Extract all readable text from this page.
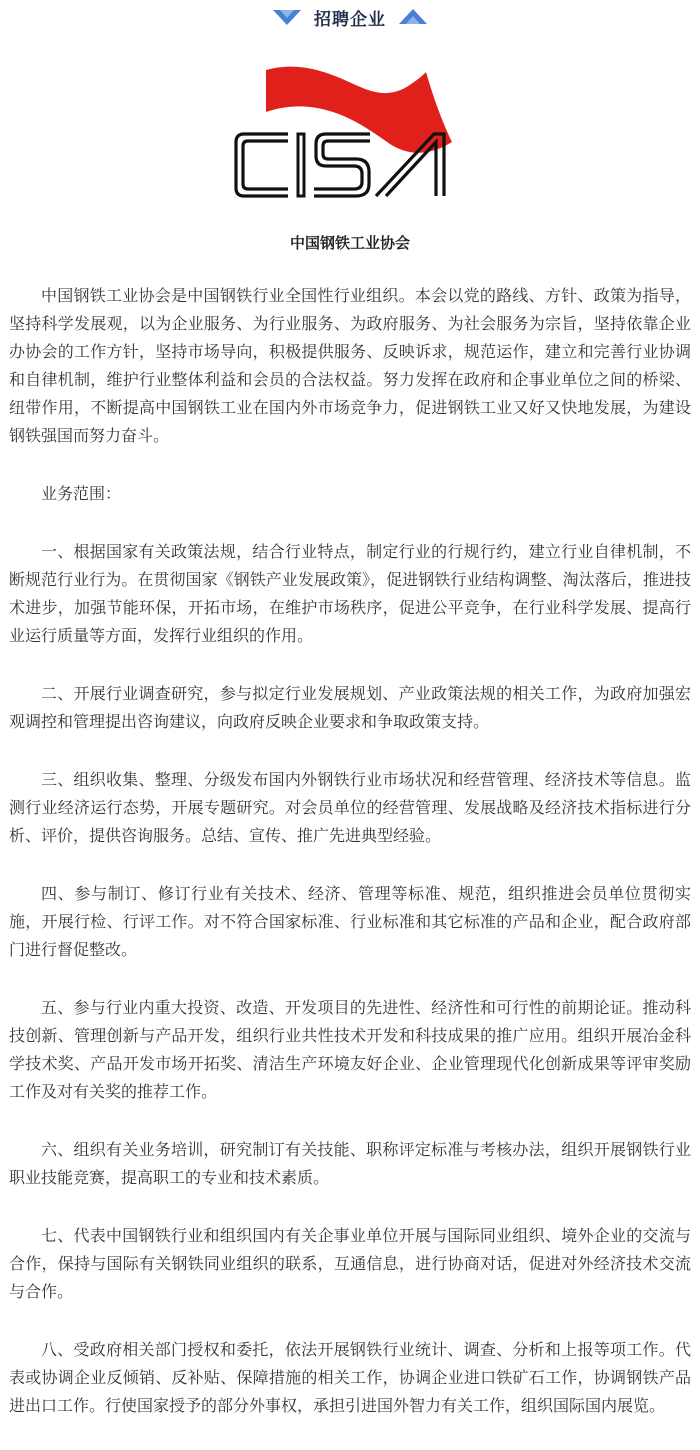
招聘企业
中国钢铁工业协会

中国钢铁工业协会是中国钢铁行业全国性行业组织。本会以党的路线、方针、政策为指导，坚持科学发展观，以为企业服务、为行业服务、为政府服务、为社会服务为宗旨，坚持依靠企业办协会的工作方针，坚持市场导向，积极提供服务、反映诉求，规范运作，建立和完善行业协调和自律机制，维护行业整体利益和会员的合法权益。努力发挥在政府和企事业单位之间的桥梁、纽带作用，不断提高中国钢铁工业在国内外市场竞争力，促进钢铁工业又好又快地发展，为建设钢铁强国而努力奋斗。

业务范围：

一、根据国家有关政策法规，结合行业特点，制定行业的行规行约，建立行业自律机制，不断规范行业行为。在贯彻国家《钢铁产业发展政策》，促进钢铁行业结构调整、淘汰落后，推进技术进步，加强节能环保，开拓市场，在维护市场秩序，促进公平竞争，在行业科学发展、提高行业运行质量等方面，发挥行业组织的作用。

二、开展行业调查研究，参与拟定行业发展规划、产业政策法规的相关工作，为政府加强宏观调控和管理提出咨询建议，向政府反映企业要求和争取政策支持。

三、组织收集、整理、分级发布国内外钢铁行业市场状况和经营管理、经济技术等信息。监测行业经济运行态势，开展专题研究。对会员单位的经营管理、发展战略及经济技术指标进行分析、评价，提供咨询服务。总结、宣传、推广先进典型经验。

四、参与制订、修订行业有关技术、经济、管理等标准、规范，组织推进会员单位贯彻实施，开展行检、行评工作。对不符合国家标准、行业标准和其它标准的产品和企业，配合政府部门进行督促整改。

五、参与行业内重大投资、改造、开发项目的先进性、经济性和可行性的前期论证。推动科技创新、管理创新与产品开发，组织行业共性技术开发和科技成果的推广应用。组织开展冶金科学技术奖、产品开发市场开拓奖、清洁生产环境友好企业、企业管理现代化创新成果等评审奖励工作及对有关奖的推荐工作。

六、组织有关业务培训，研究制订有关技能、职称评定标准与考核办法，组织开展钢铁行业职业技能竞赛，提高职工的专业和技术素质。

七、代表中国钢铁行业和组织国内有关企事业单位开展与国际同业组织、境外企业的交流与合作，保持与国际有关钢铁同业组织的联系，互通信息，进行协商对话，促进对外经济技术交流与合作。

八、受政府相关部门授权和委托，依法开展钢铁行业统计、调查、分析和上报等项工作。代表或协调企业反倾销、反补贴、保障措施的相关工作，协调企业进口铁矿石工作，协调钢铁产品进出口工作。行使国家授予的部分外事权，承担引进国外智力有关工作，组织国际国内展览。
